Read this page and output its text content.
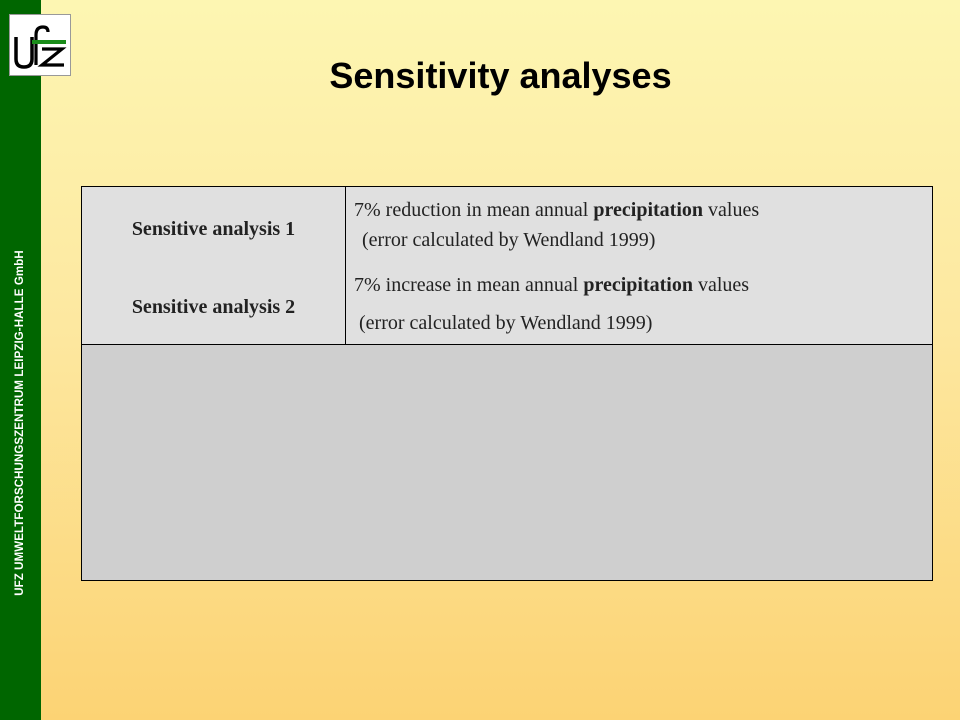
UFZ UMWELTFORSCHUNGSZENTRUM LEIPZIG-HALLE GmbH
Sensitivity analyses
Sensitive analysis 1
7% reduction in mean annual precipitation values
(error calculated by Wendland 1999)
Sensitive analysis 2
7% increase in mean annual precipitation values
(error calculated by Wendland 1999)
